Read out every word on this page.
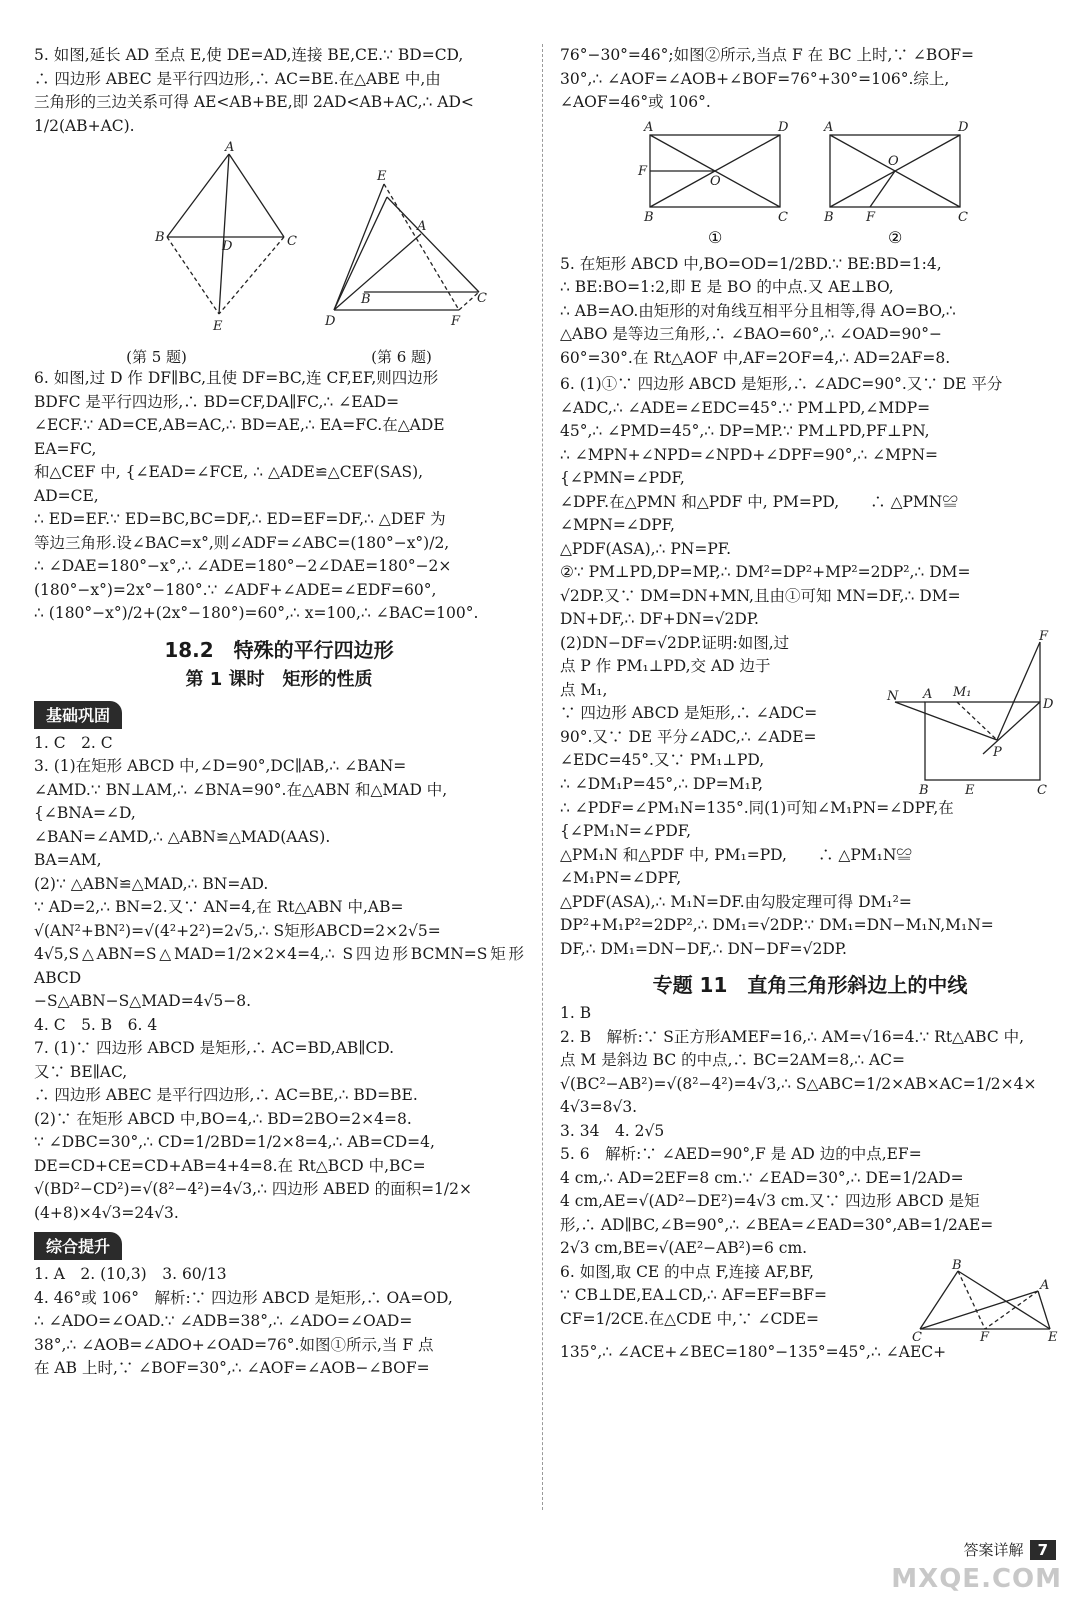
5. 如图,延长 AD 至点 E,使 DE=AD,连接 BE,CE.∵ BD=CD,

∴ 四边形 ABEC 是平行四边形,∴ AC=BE.在△ABE 中,由

三角形的三边关系可得 AE<AB+BE,即 2AD<AB+AC,∴ AD<

1/2(AB+AC).

A
B	C
D
E
E
A
B
D
C
F
(第 5 题)	(第 6 题)

6. 如图,过 D 作 DF∥BC,且使 DF=BC,连 CF,EF,则四边形

BDFC 是平行四边形,∴ BD=CF,DA∥FC,∴ ∠EAD=

∠ECF.∵ AD=CE,AB=AC,∴ BD=AE,∴ EA=FC.在△ADE

EA=FC,

和△CEF 中, {∠EAD=∠FCE, ∴ △ADE≌△CEF(SAS),

AD=CE,

∴ ED=EF.∵ ED=BC,BC=DF,∴ ED=EF=DF,∴ △DEF 为

等边三角形.设∠BAC=x°,则∠ADF=∠ABC=(180°−x°)/2,

∴ ∠DAE=180°−x°,∴ ∠ADE=180°−2∠DAE=180°−2×

(180°−x°)=2x°−180°.∵ ∠ADF+∠ADE=∠EDF=60°,

∴ (180°−x°)/2+(2x°−180°)=60°,∴ x=100,∴ ∠BAC=100°.

18.2　特殊的平行四边形
第 1 课时　矩形的性质
基础巩固

1. C　2. C

3. (1)在矩形 ABCD 中,∠D=90°,DC∥AB,∴ ∠BAN=

∠AMD.∵ BN⊥AM,∴ ∠BNA=90°.在△ABN 和△MAD 中,

{∠BNA=∠D,

∠BAN=∠AMD,∴ △ABN≌△MAD(AAS).

BA=AM,

(2)∵ △ABN≌△MAD,∴ BN=AD.

∵ AD=2,∴ BN=2.又∵ AN=4,在 Rt△ABN 中,AB=

√(AN²+BN²)=√(4²+2²)=2√5,∴ S矩形ABCD=2×2√5=

4√5,S△ABN=S△MAD=1/2×2×4=4,∴ S四边形BCMN=S矩形ABCD

−S△ABN−S△MAD=4√5−8.

4. C　5. B　6. 4

7. (1)∵ 四边形 ABCD 是矩形,∴ AC=BD,AB∥CD.

又∵ BE∥AC,

∴ 四边形 ABEC 是平行四边形,∴ AC=BE,∴ BD=BE.

(2)∵ 在矩形 ABCD 中,BO=4,∴ BD=2BO=2×4=8.

∵ ∠DBC=30°,∴ CD=1/2BD=1/2×8=4,∴ AB=CD=4,

DE=CD+CE=CD+AB=4+4=8.在 Rt△BCD 中,BC=

√(BD²−CD²)=√(8²−4²)=4√3,∴ 四边形 ABED 的面积=1/2×

(4+8)×4√3=24√3.

综合提升

1. A　2. (10,3)　3. 60/13

4. 46°或 106°　解析:∵ 四边形 ABCD 是矩形,∴ OA=OD,

∴ ∠ADO=∠OAD.∵ ∠ADB=38°,∴ ∠ADO=∠OAD=

38°,∴ ∠AOB=∠ADO+∠OAD=76°.如图①所示,当 F 点

在 AB 上时,∵ ∠BOF=30°,∴ ∠AOF=∠AOB−∠BOF=

76°−30°=46°;如图②所示,当点 F 在 BC 上时,∵ ∠BOF=

30°,∴ ∠AOF=∠AOB+∠BOF=76°+30°=106°.综上,

∠AOF=46°或 106°.

A	D
F
O
B	C
①
A	D
O
B F	C
②

5. 在矩形 ABCD 中,BO=OD=1/2BD.∵ BE:BD=1:4,

∴ BE:BO=1:2,即 E 是 BO 的中点.又 AE⊥BO,

∴ AB=AO.由矩形的对角线互相平分且相等,得 AO=BO,∴

△ABO 是等边三角形,∴ ∠BAO=60°,∴ ∠OAD=90°−

60°=30°.在 Rt△AOF 中,AF=2OF=4,∴ AD=2AF=8.

6. (1)①∵ 四边形 ABCD 是矩形,∴ ∠ADC=90°.又∵ DE 平分

∠ADC,∴ ∠ADE=∠EDC=45°.∵ PM⊥PD,∠MDP=

45°,∴ ∠PMD=45°,∴ DP=MP.∵ PM⊥PD,PF⊥PN,

∴ ∠MPN+∠NPD=∠NPD+∠DPF=90°,∴ ∠MPN=

{∠PMN=∠PDF,

∠DPF.在△PMN 和△PDF 中, PM=PD,　　∴ △PMN≌

∠MPN=∠DPF,

△PDF(ASA),∴ PN=PF.

②∵ PM⊥PD,DP=MP,∴ DM²=DP²+MP²=2DP²,∴ DM=

√2DP.又∵ DM=DN+MN,且由①可知 MN=DF,∴ DM=

DN+DF,∴ DF+DN=√2DP.

(2)DN−DF=√2DP.证明:如图,过

点 P 作 PM₁⊥PD,交 AD 边于

点 M₁,

∵ 四边形 ABCD 是矩形,∴ ∠ADC=

90°.又∵ DE 平分∠ADC,∴ ∠ADE=

∠EDC=45°.又∵ PM₁⊥PD,

∴ ∠DM₁P=45°,∴ DP=M₁P,

F
N A M₁
D
P
B	E	C

∴ ∠PDF=∠PM₁N=135°.同(1)可知∠M₁PN=∠DPF,在

{∠PM₁N=∠PDF,

△PM₁N 和△PDF 中, PM₁=PD,　　∴ △PM₁N≌

∠M₁PN=∠DPF,

△PDF(ASA),∴ M₁N=DF.由勾股定理可得 DM₁²=

DP²+M₁P²=2DP²,∴ DM₁=√2DP.∵ DM₁=DN−M₁N,M₁N=

DF,∴ DM₁=DN−DF,∴ DN−DF=√2DP.

专题 11　直角三角形斜边上的中线

1. B

2. B　解析:∵ S正方形AMEF=16,∴ AM=√16=4.∵ Rt△ABC 中,

点 M 是斜边 BC 的中点,∴ BC=2AM=8,∴ AC=

√(BC²−AB²)=√(8²−4²)=4√3,∴ S△ABC=1/2×AB×AC=1/2×4×

4√3=8√3.

3. 34　4. 2√5

5. 6　解析:∵ ∠AED=90°,F 是 AD 边的中点,EF=

4 cm,∴ AD=2EF=8 cm.∵ ∠EAD=30°,∴ DE=1/2AD=

4 cm,AE=√(AD²−DE²)=4√3 cm.又∵ 四边形 ABCD 是矩

形,∴ AD∥BC,∠B=90°,∴ ∠BEA=∠EAD=30°,AB=1/2AE=

2√3 cm,BE=√(AE²−AB²)=6 cm.

6. 如图,取 CE 的中点 F,连接 AF,BF,

∵ CB⊥DE,EA⊥CD,∴ AF=EF=BF=

CF=1/2CE.在△CDE 中,∵ ∠CDE=

B
A
C	F	E

135°,∴ ∠ACE+∠BEC=180°−135°=45°,∴ ∠AEC+

答案详解 7
MXQE.COM
